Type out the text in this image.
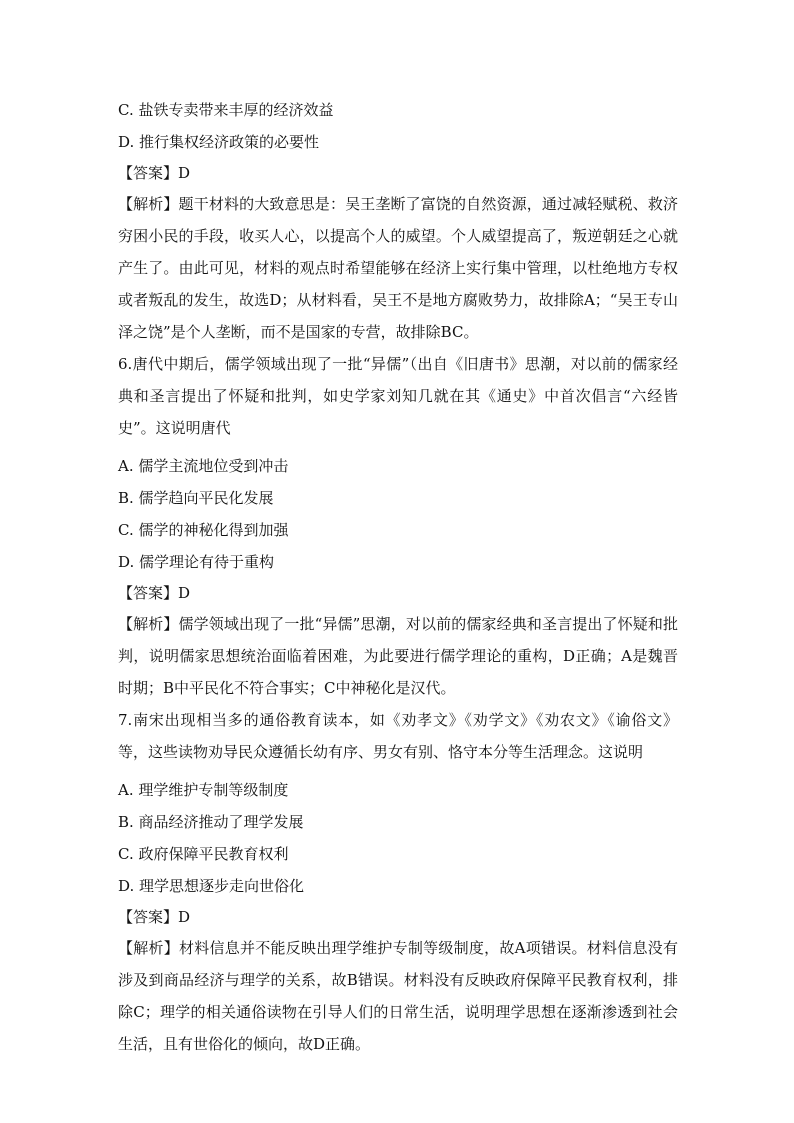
C. 盐铁专卖带来丰厚的经济效益

D. 推行集权经济政策的必要性

【答案】D

【解析】题干材料的大致意思是：吴王垄断了富饶的自然资源，通过减轻赋税、救济穷困小民的手段，收买人心，以提高个人的威望。个人威望提高了，叛逆朝廷之心就产生了。由此可见，材料的观点时希望能够在经济上实行集中管理，以杜绝地方专权或者叛乱的发生，故选D；从材料看，吴王不是地方腐败势力，故排除A；“吴王专山泽之饶”是个人垄断，而不是国家的专营，故排除BC。

6.唐代中期后，儒学领域出现了一批“异儒”（出自《旧唐书》思潮，对以前的儒家经典和圣言提出了怀疑和批判，如史学家刘知几就在其《通史》中首次倡言“六经皆史”。这说明唐代

A. 儒学主流地位受到冲击

B. 儒学趋向平民化发展

C. 儒学的神秘化得到加强

D. 儒学理论有待于重构

【答案】D

【解析】儒学领域出现了一批“异儒”思潮，对以前的儒家经典和圣言提出了怀疑和批判，说明儒家思想统治面临着困难，为此要进行儒学理论的重构，D正确；A是魏晋时期；B中平民化不符合事实；C中神秘化是汉代。

7.南宋出现相当多的通俗教育读本，如《劝孝文》《劝学文》《劝农文》《谕俗文》等，这些读物劝导民众遵循长幼有序、男女有别、恪守本分等生活理念。这说明

A. 理学维护专制等级制度

B. 商品经济推动了理学发展

C. 政府保障平民教育权利

D. 理学思想逐步走向世俗化

【答案】D

【解析】材料信息并不能反映出理学维护专制等级制度，故A项错误。材料信息没有涉及到商品经济与理学的关系，故B错误。材料没有反映政府保障平民教育权利，排除C；理学的相关通俗读物在引导人们的日常生活，说明理学思想在逐渐渗透到社会生活，且有世俗化的倾向，故D正确。
